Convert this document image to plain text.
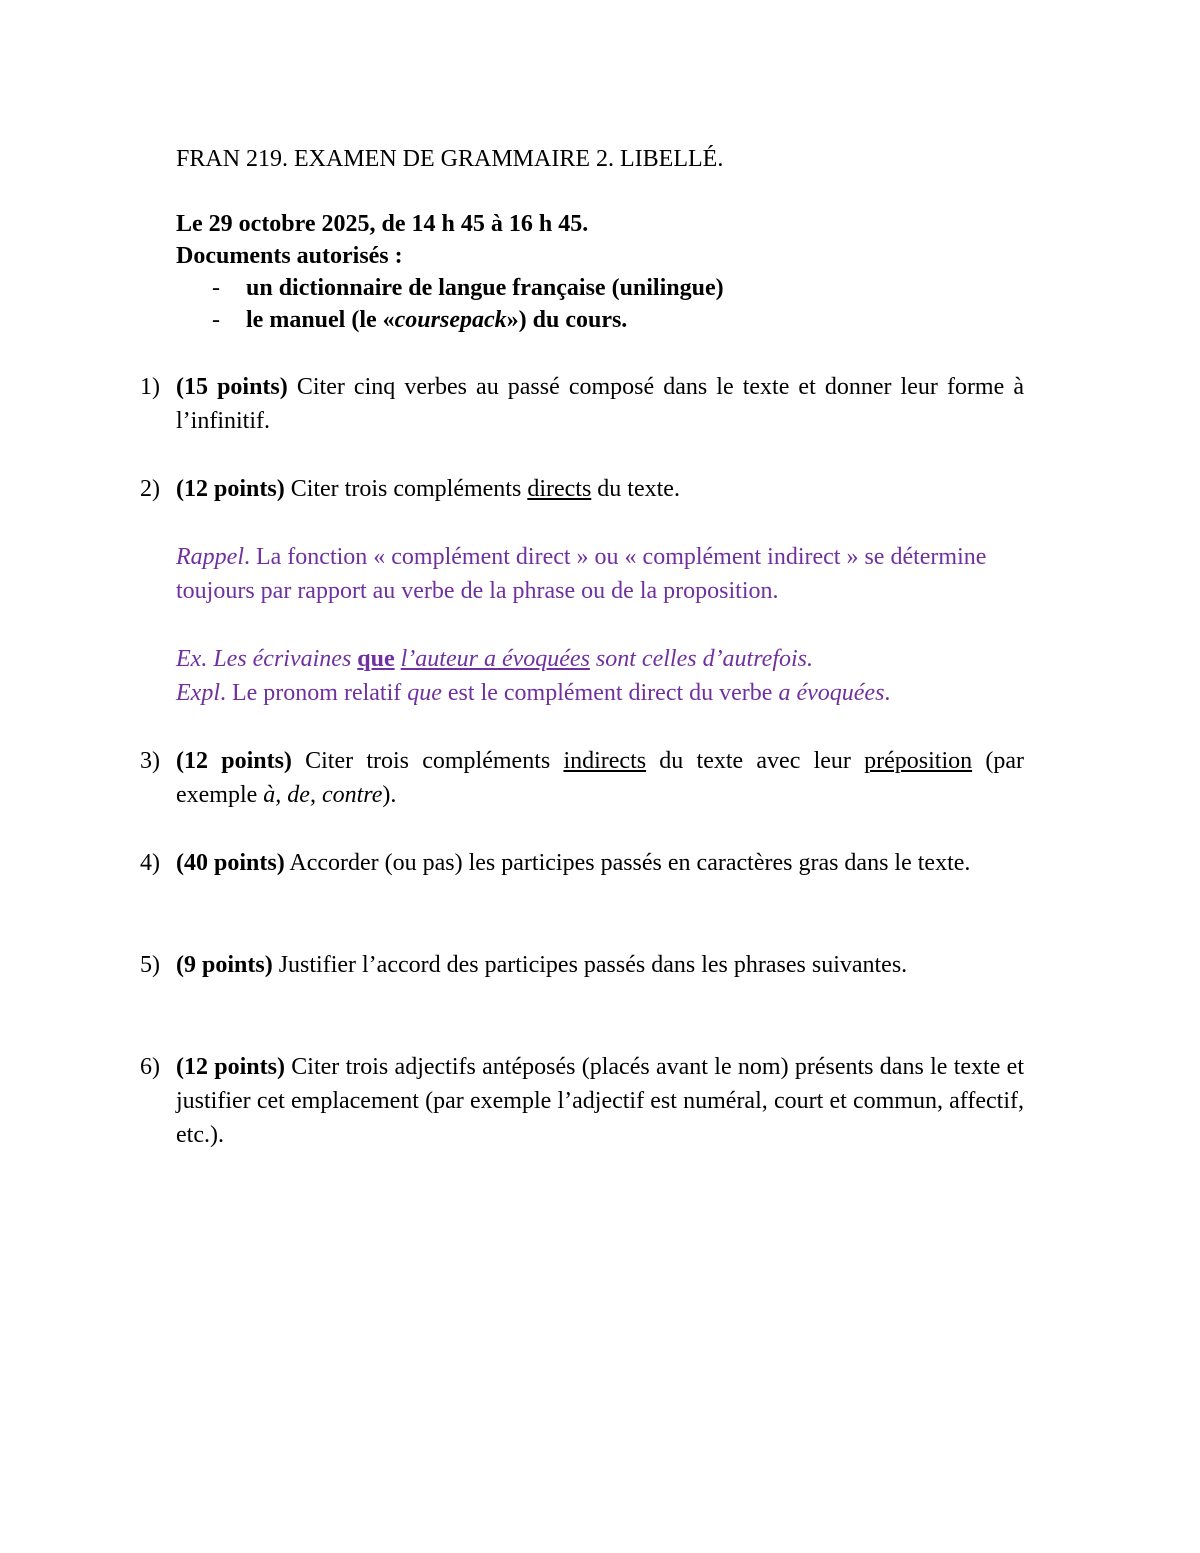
FRAN 219. EXAMEN DE GRAMMAIRE 2. LIBELLÉ.
Le 29 octobre 2025, de 14 h 45 à 16 h 45.
Documents autorisés :
- un dictionnaire de langue française (unilingue)
- le manuel (le «coursepack») du cours.
1) (15 points) Citer cinq verbes au passé composé dans le texte et donner leur forme à l’infinitif.
2) (12 points) Citer trois compléments directs du texte.
Rappel. La fonction « complément direct » ou « complément indirect » se détermine toujours par rapport au verbe de la phrase ou de la proposition.
Ex. Les écrivaines que l’auteur a évoquées sont celles d’autrefois.
Expl. Le pronom relatif que est le complément direct du verbe a évoquées.
3) (12 points) Citer trois compléments indirects du texte avec leur préposition (par exemple à, de, contre).
4) (40 points) Accorder (ou pas) les participes passés en caractères gras dans le texte.
5) (9 points) Justifier l’accord des participes passés dans les phrases suivantes.
6) (12 points) Citer trois adjectifs antéposés (placés avant le nom) présents dans le texte et justifier cet emplacement (par exemple l’adjectif est numéral, court et commun, affectif, etc.).
